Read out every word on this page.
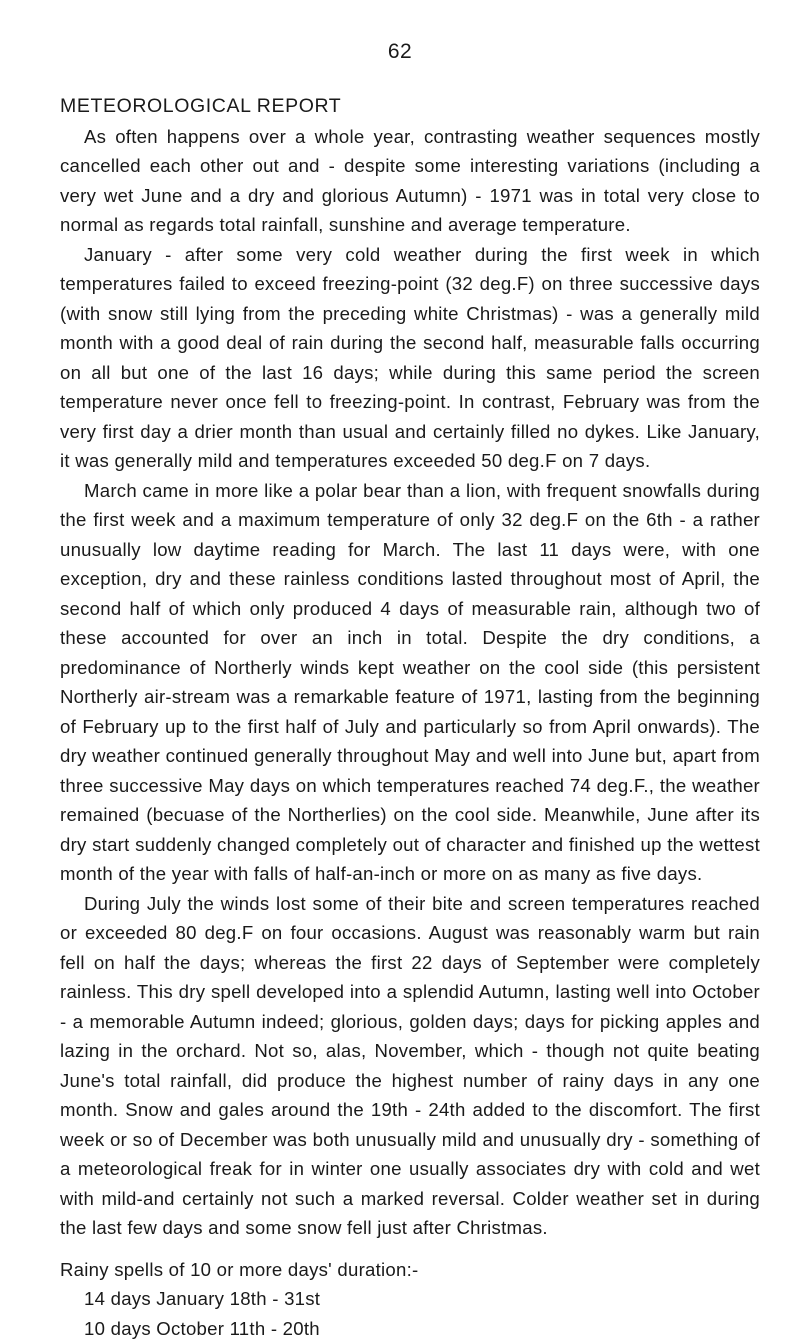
62
METEOROLOGICAL REPORT

As often happens over a whole year, contrasting weather sequences mostly cancelled each other out and - despite some interesting variations (including a very wet June and a dry and glorious Autumn) - 1971 was in total very close to normal as regards total rainfall, sunshine and average temperature.

January - after some very cold weather during the first week in which temperatures failed to exceed freezing-point (32 deg.F) on three successive days (with snow still lying from the preceding white Christmas) - was a generally mild month with a good deal of rain during the second half, measurable falls occurring on all but one of the last 16 days; while during this same period the screen temperature never once fell to freezing-point. In contrast, February was from the very first day a drier month than usual and certainly filled no dykes. Like January, it was generally mild and temperatures exceeded 50 deg.F on 7 days.

March came in more like a polar bear than a lion, with frequent snowfalls during the first week and a maximum temperature of only 32 deg.F on the 6th - a rather unusually low daytime reading for March. The last 11 days were, with one exception, dry and these rainless conditions lasted throughout most of April, the second half of which only produced 4 days of measurable rain, although two of these accounted for over an inch in total. Despite the dry conditions, a predominance of Northerly winds kept weather on the cool side (this persistent Northerly air-stream was a remarkable feature of 1971, lasting from the beginning of February up to the first half of July and particularly so from April onwards). The dry weather continued generally throughout May and well into June but, apart from three successive May days on which temperatures reached 74 deg.F., the weather remained (becuase of the Northerlies) on the cool side. Meanwhile, June after its dry start suddenly changed completely out of character and finished up the wettest month of the year with falls of half-an-inch or more on as many as five days.

During July the winds lost some of their bite and screen temperatures reached or exceeded 80 deg.F on four occasions. August was reasonably warm but rain fell on half the days; whereas the first 22 days of September were completely rainless. This dry spell developed into a splendid Autumn, lasting well into October - a memorable Autumn indeed; glorious, golden days; days for picking apples and lazing in the orchard. Not so, alas, November, which - though not quite beating June's total rainfall, did produce the highest number of rainy days in any one month. Snow and gales around the 19th - 24th added to the discomfort. The first week or so of December was both unusually mild and unusually dry - something of a meteorological freak for in winter one usually associates dry with cold and wet with mild-and certainly not such a marked reversal. Colder weather set in during the last few days and some snow fell just after Christmas.

Rainy spells of 10 or more days' duration:-

14 days January 18th - 31st

10 days October 11th - 20th
